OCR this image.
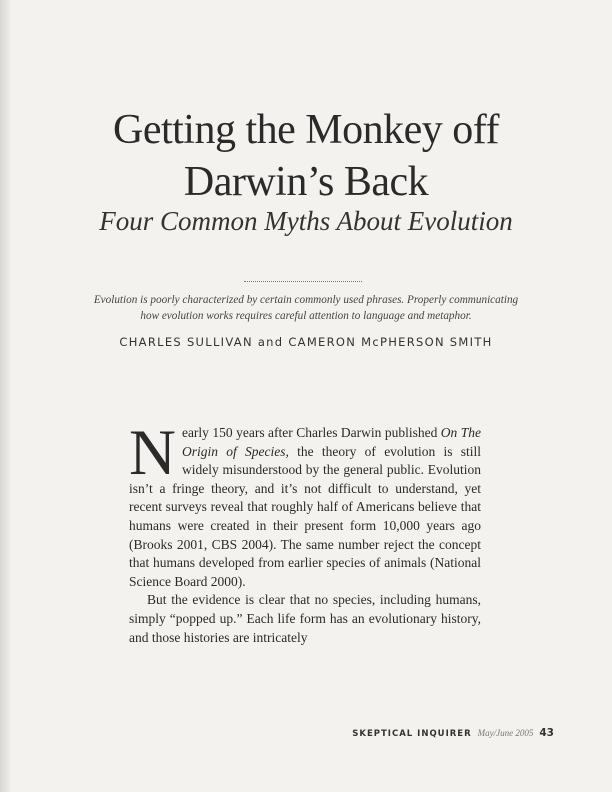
Getting the Monkey off
Darwin’s Back
Four Common Myths About Evolution
Evolution is poorly characterized by certain commonly used phrases. Properly communicating
how evolution works requires careful attention to language and metaphor.
CHARLES SULLIVAN and CAMERON McPHERSON SMITH

Nearly 150 years after Charles Darwin published On The Origin of Species, the theory of evolution is still widely misunderstood by the general public. Evolution isn’t a fringe theory, and it’s not difficult to understand, yet recent surveys reveal that roughly half of Americans believe that humans were created in their present form 10,000 years ago (Brooks 2001, CBS 2004). The same number reject the concept that humans developed from earlier species of animals (National Science Board 2000).

But the evidence is clear that no species, including humans, simply “popped up.” Each life form has an evolutionary history, and those histories are intricately

SKEPTICAL INQUIRER May/June 2005 43
